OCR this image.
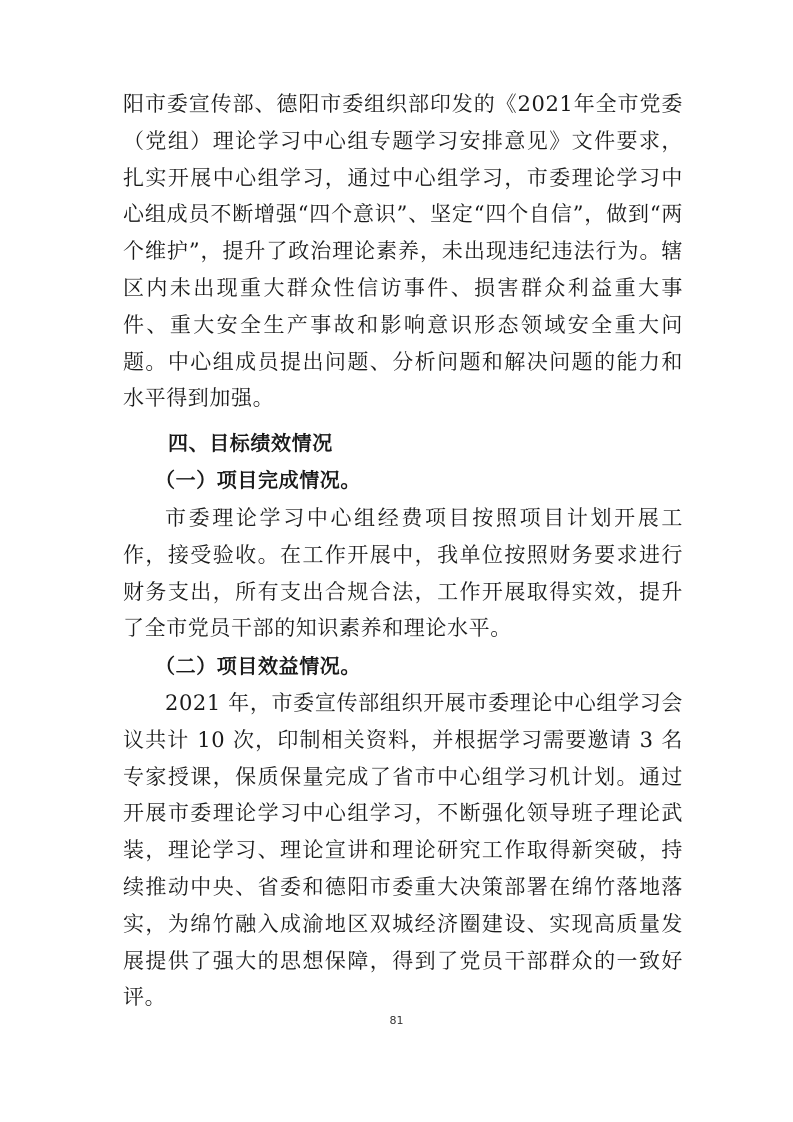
阳市委宣传部、德阳市委组织部印发的《2021年全市党委（党组）理论学习中心组专题学习安排意见》文件要求，扎实开展中心组学习，通过中心组学习，市委理论学习中心组成员不断增强“四个意识”、坚定“四个自信”，做到“两个维护”，提升了政治理论素养，未出现违纪违法行为。辖区内未出现重大群众性信访事件、损害群众利益重大事件、重大安全生产事故和影响意识形态领域安全重大问题。中心组成员提出问题、分析问题和解决问题的能力和水平得到加强。

四、目标绩效情况
（一）项目完成情况。

市委理论学习中心组经费项目按照项目计划开展工作，接受验收。在工作开展中，我单位按照财务要求进行财务支出，所有支出合规合法，工作开展取得实效，提升了全市党员干部的知识素养和理论水平。

（二）项目效益情况。

2021 年，市委宣传部组织开展市委理论中心组学习会议共计 10 次，印制相关资料，并根据学习需要邀请 3 名专家授课，保质保量完成了省市中心组学习机计划。通过开展市委理论学习中心组学习，不断强化领导班子理论武装，理论学习、理论宣讲和理论研究工作取得新突破，持续推动中央、省委和德阳市委重大决策部署在绵竹落地落实，为绵竹融入成渝地区双城经济圈建设、实现高质量发展提供了强大的思想保障，得到了党员干部群众的一致好评。

81
